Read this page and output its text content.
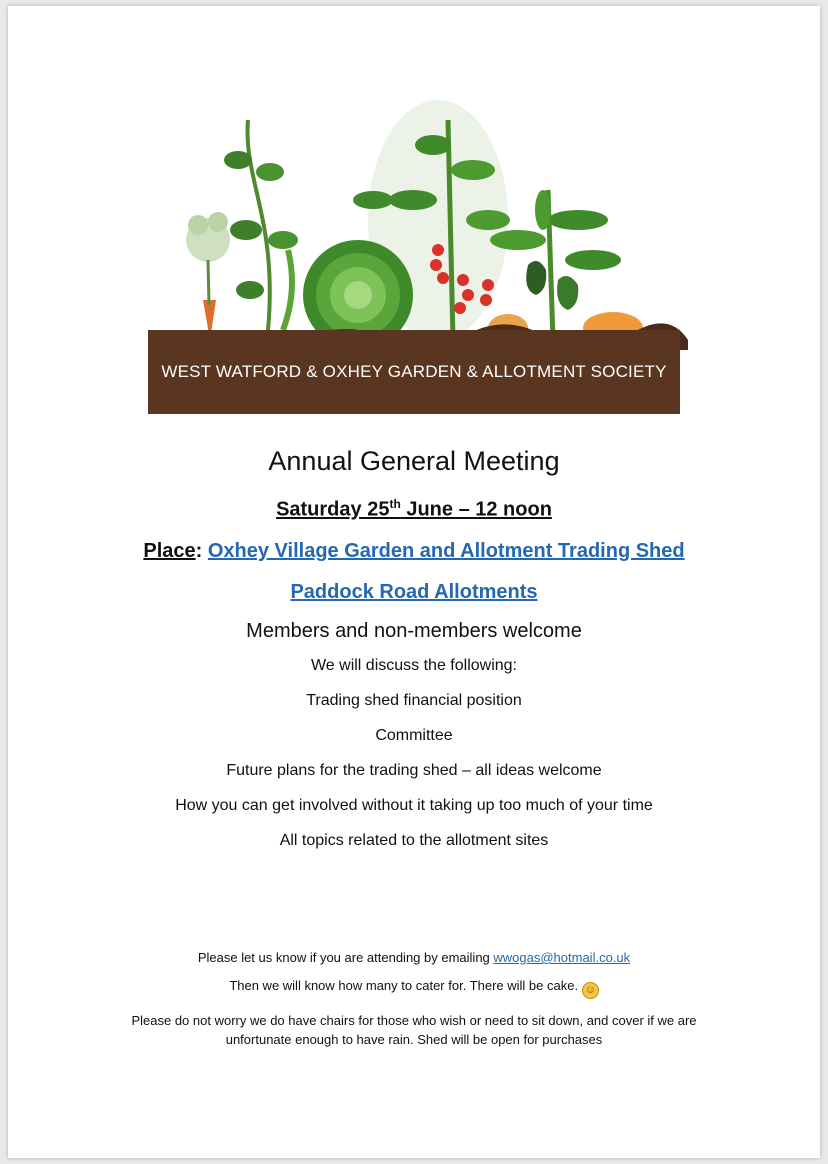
WEST WATFORD & OXHEY GARDEN & ALLOTMENT SOCIETY
Annual General Meeting
Saturday 25th June – 12 noon
Place: Oxhey Village Garden and Allotment Trading Shed
Paddock Road Allotments
Members and non-members welcome
We will discuss the following:
Trading shed financial position
Committee
Future plans for the trading shed – all ideas welcome
How you can get involved without it taking up too much of your time
All topics related to the allotment sites
Please let us know if you are attending by emailing wwogas@hotmail.co.uk
Then we will know how many to cater for. There will be cake. ☺
Please do not worry we do have chairs for those who wish or need to sit down, and cover if we are
unfortunate enough to have rain. Shed will be open for purchases
